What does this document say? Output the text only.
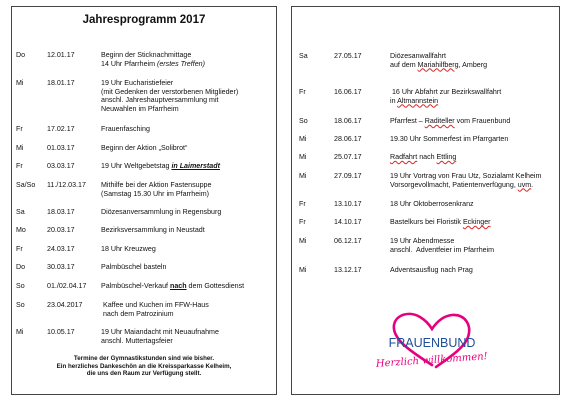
Jahresprogramm 2017
Do	12.01.17	Beginn der Sticknachmittage
14 Uhr Pfarrheim (erstes Treffen)
Mi	18.01.17	19 Uhr Eucharistiefeier
(mit Gedenken der verstorbenen Mitglieder)
anschl. Jahreshauptversammlung mit
Neuwahlen im Pfarrheim
Fr	17.02.17	Frauenfasching
Mi	01.03.17	Beginn der Aktion „Solibrot“
Fr	03.03.17	19 Uhr Weltgebetstag in Laimerstadt
Sa/So 11./12.03.17 Mithilfe bei der Aktion Fastensuppe
(Samstag 15.30 Uhr im Pfarrheim)
Sa	18.03.17	Diözesanversammlung in Regensburg
Mo	20.03.17	Bezirksversammlung in Neustadt
Fr	24.03.17	18 Uhr Kreuzweg
Do	30.03.17	Palmbüschel basteln
So	01./02.04.17 Palmbüschel-Verkauf nach dem Gottesdienst
So	23.04.2017	Kaffee und Kuchen im FFW-Haus
nach dem Patrozinium
Mi	10.05.17	19 Uhr Maiandacht mit Neuaufnahme
anschl. Muttertagsfeier
Termine der Gymnastikstunden sind wie bisher.
Ein herzliches Dankeschön an die Kreissparkasse Kelheim,
die uns den Raum zur Verfügung stellt.
Sa	27.05.17	Diözesanwallfahrt
auf dem Mariahilfberg, Amberg
Fr	16.06.17	16 Uhr Abfahrt zur Bezirkswallfahrt
in Altmannstein
So	18.06.17	Pfarrfest – Raditeller vom Frauenbund
Mi	28.06.17	19.30 Uhr Sommerfest im Pfarrgarten
Mi	25.07.17	Radfahrt nach Ettling
Mi	27.09.17	19 Uhr Vortrag von Frau Utz, Sozialamt Kelheim
Vorsorgevollmacht, Patientenverfügung, uvm.
Fr	13.10.17	18 Uhr Oktoberrosenkranz
Fr	14.10.17	Bastelkurs bei Floristik Eckinger
Mi	06.12.17	19 Uhr Abendmesse
anschl.  Adventfeier im Pfarrheim
Mi	13.12.17	Adventsausflug nach Prag
FRAUENBUND
Herzlich willkommen!
